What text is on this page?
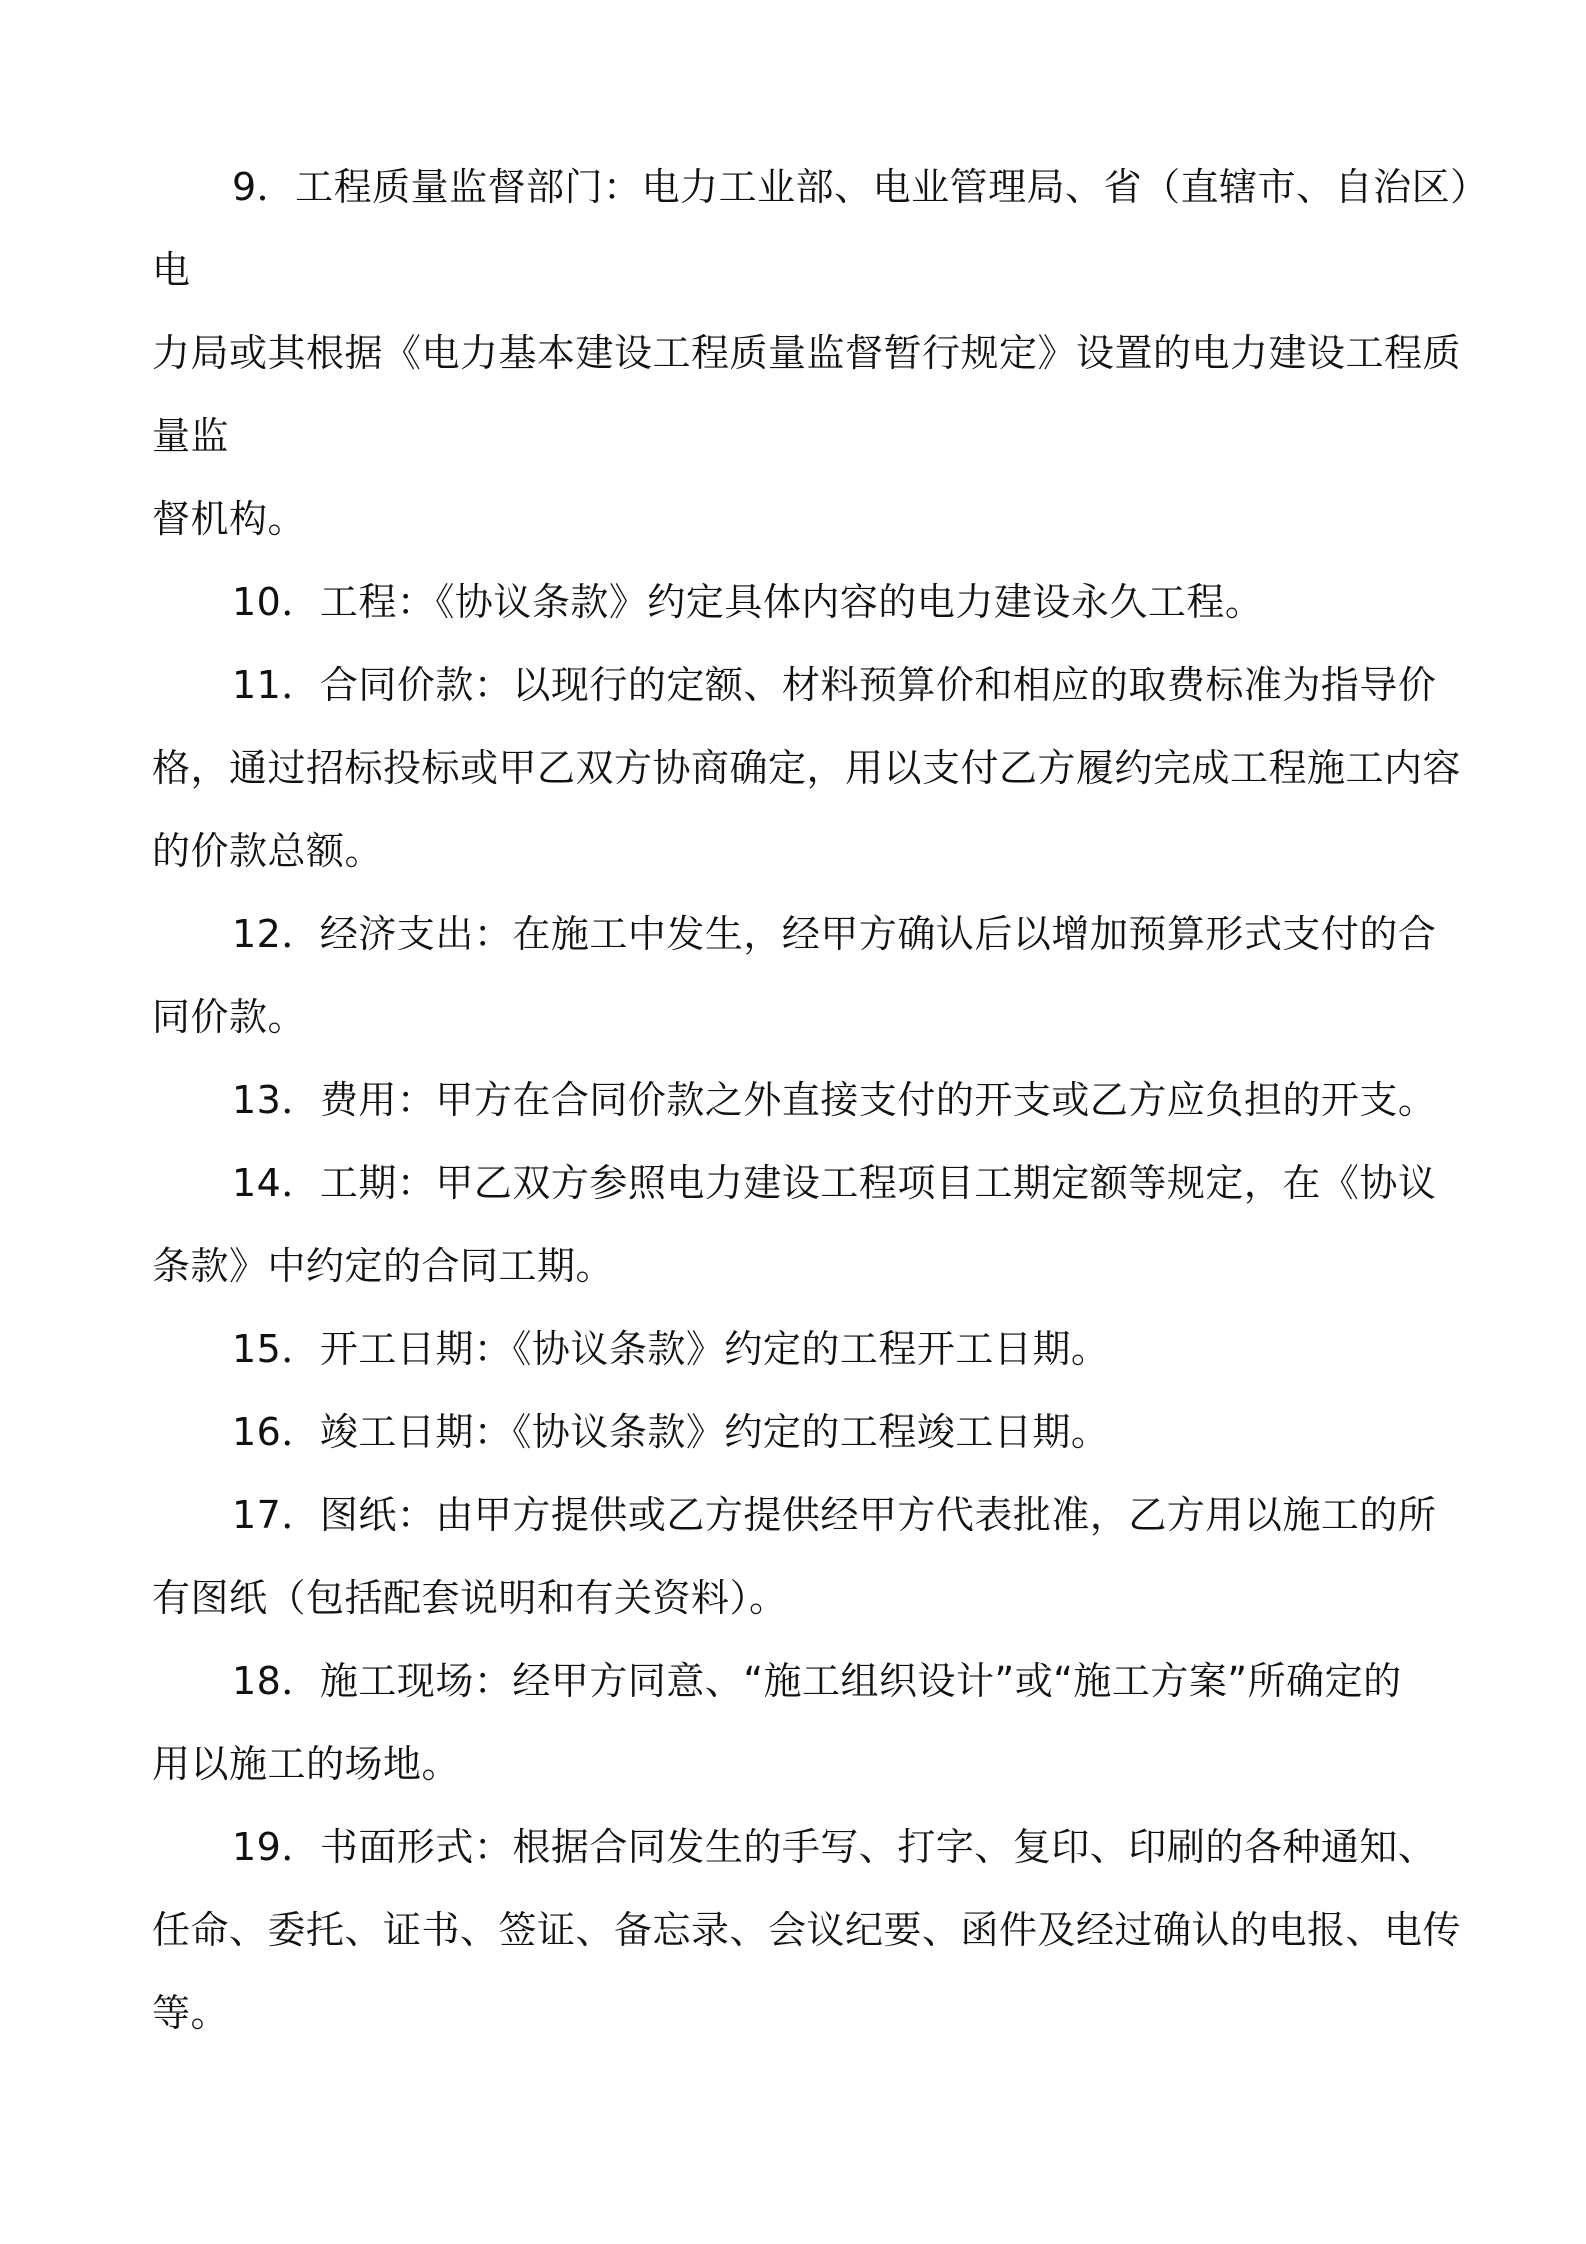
9．工程质量监督部门：电力工业部、电业管理局、省（直辖市、自治区）
电
力局或其根据《电力基本建设工程质量监督暂行规定》设置的电力建设工程质
量监
督机构。
10．工程：《协议条款》约定具体内容的电力建设永久工程。
11．合同价款：以现行的定额、材料预算价和相应的取费标准为指导价
格，通过招标投标或甲乙双方协商确定，用以支付乙方履约完成工程施工内容
的价款总额。
12．经济支出：在施工中发生，经甲方确认后以增加预算形式支付的合
同价款。
13．费用：甲方在合同价款之外直接支付的开支或乙方应负担的开支。
14．工期：甲乙双方参照电力建设工程项目工期定额等规定，在《协议
条款》中约定的合同工期。
15．开工日期：《协议条款》约定的工程开工日期。
16．竣工日期：《协议条款》约定的工程竣工日期。
17．图纸：由甲方提供或乙方提供经甲方代表批准，乙方用以施工的所
有图纸（包括配套说明和有关资料）。
18．施工现场：经甲方同意、“施工组织设计”或“施工方案”所确定的
用以施工的场地。
19．书面形式：根据合同发生的手写、打字、复印、印刷的各种通知、
任命、委托、证书、签证、备忘录、会议纪要、函件及经过确认的电报、电传
等。
